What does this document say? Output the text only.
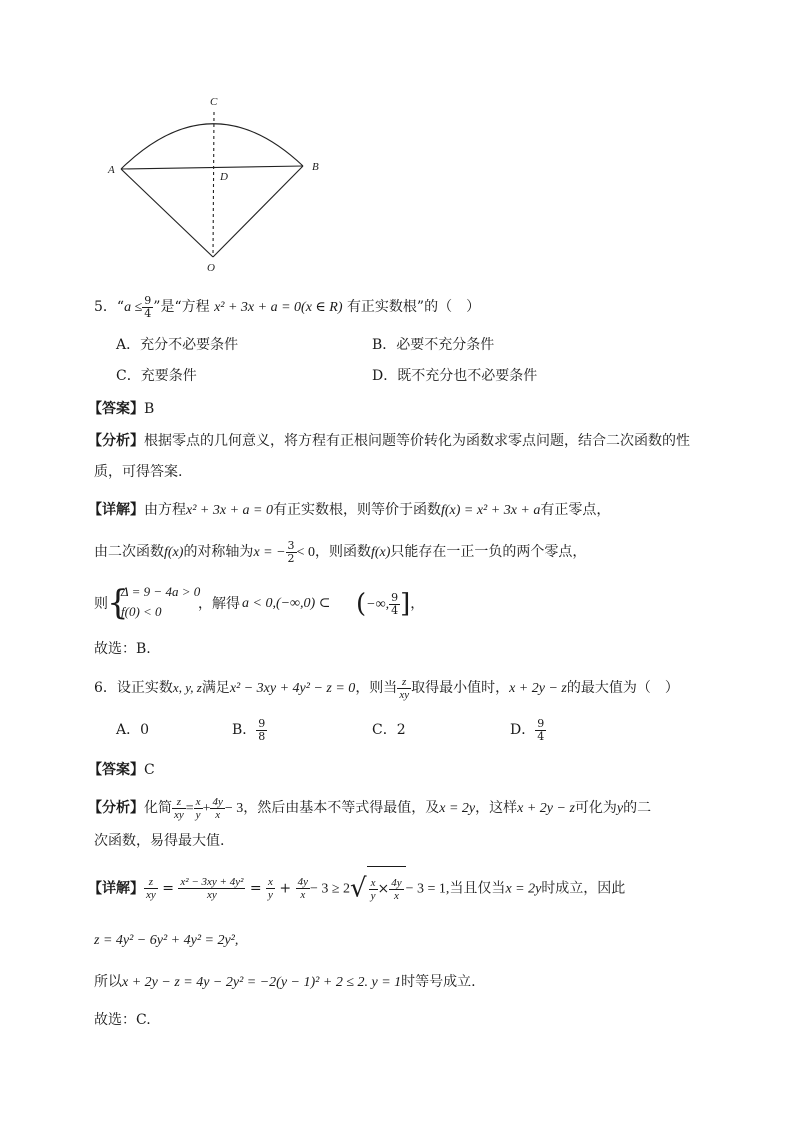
C
A	B
D
O
5．“$a \le \frac{9}{4}$ ”是“方程 x² + 3x + a = 0(x ∈ R) 有正实数根”的（　）
A．充分不必要条件	B．必要不充分条件
C．充要条件	D．既不充分也不必要条件
【 答案 】 B
【 分析 】 根据零点的几何意义，将方程有正根问题等价转化为函数求零点问题，结合二次函数的性
质，可得答案.
【 详解 】 由方程x² + 3x + a = 0有正实数根，则等价于函数f(x) = x² + 3x + a有正零点，
由二次函数f(x)的对称轴为x = − $\frac{3}{2} < 0$，则函数f(x)只能存在一正一负的两个零点，
则 {
Δ = 9 − 4a > 0
f(0) < 0	，解得 a < 0,(−∞,0) ⊂ (−∞, $\frac{9}{4}$ ]，
故选：B.
6．设正实数x, y, z满足x² − 3xy + 4y² − z = 0，则当 $\frac{z}{xy}$ 取得最小值时，x + 2y − z的最大值为（　）
A．0	B． $\frac{9}{8}$	C．2	D． $\frac{9}{4}$
【 答案 】 C
【 分析 】 化简 $\frac{z}{xy} = \frac{x}{y} + \frac{4y}{x} - 3$，然后由基本不等式得最值，及x = 2y，这样x + 2y − z可化为y的二
次函数，易得最大值.
【 详解 】 $\frac{z}{xy} = \frac{\text{x² − 3xy + 4y²}}{xy} = \frac{x}{y} + \frac{4y}{x} - 3 \ge 2√ \frac{x}{y} \times \frac{4y}{x} - 3 = 1$,当且仅当x = 2y时成立，因此
z = 4y² − 6y² + 4y² = 2y²,
所以x + 2y − z = 4y − 2y² = −2(y − 1)² + 2 ≤ 2. y = 1时等号成立.
故选：C.
